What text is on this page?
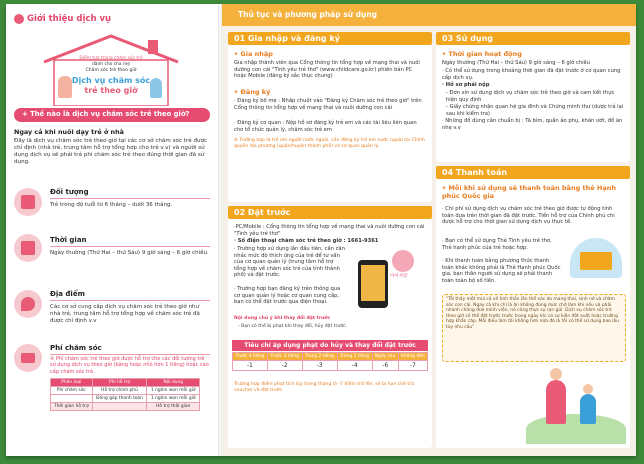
Giới thiệu dịch vụ
Điểm tựa trong chăm sóc trẻ
dành cho cha mẹ
Chăm sóc trẻ theo giờ
Dịch vụ chăm sóc
trẻ theo giờ
+ Thế nào là dịch vụ chăm sóc trẻ theo giờ?
Ngay cả khi nuôi dạy trẻ ở nhà
Đây là dịch vụ chăm sóc trẻ theo giờ tại các cơ sở chăm sóc trẻ được chỉ định (nhà trẻ, trung tâm hỗ trợ tổng hợp cho trẻ v.v) và người sử dụng dịch vụ sẽ phải trả phí chăm sóc trẻ theo đúng thời gian đã sử dụng.
Đối tượng
Trẻ trong độ tuổi từ 6 tháng – dưới 36 tháng.
Thời gian
Ngày thường (Thứ Hai – thứ Sáu) 9 giờ sáng – 6 giờ chiều.
Địa điểm
Các cơ sở cung cấp dịch vụ chăm sóc trẻ theo giờ như nhà trẻ, trung tâm hỗ trợ tổng hợp về chăm sóc trẻ đã được chỉ định v.v
Phí chăm sóc
※ Phí chăm sóc trẻ theo giờ được hỗ trợ cho các đối tượng trẻ sử dụng dịch vụ theo giờ (bằng hoặc nhỏ hơn 1 tiếng) hoặc cao cấp chăm sóc trẻ.
Phân loại	Phí hỗ trợ	Nội dung
Phí chăm sóc	Hỗ trợ chính phủ	1 nghìn won mỗi giờ
	Đóng góp thanh toán	1 nghìn won mỗi giờ
Thời gian hỗ trợ		Hỗ trợ thời gian
Thủ tục và phương pháp sử dụng
01 Gia nhập và đăng ký
• Gia nhập
Gia nhập thành viên qua Cổng thông tin tổng hợp về mạng thai và nuôi dưỡng con cái "Tình yêu trẻ thơ" (www.childcare.go.kr) phiên bản PC hoặc Mobile (đăng ký sắc thục chung)
• Đăng ký
· Đăng ký bố mẹ : Nhấp chuột vào "Đăng ký Chăm sóc trẻ theo giờ" trên Cổng thông tin tổng hợp về mạng thai và nuôi dưỡng con cái
· Đăng ký cơ quan : Nộp hồ sơ đăng ký trẻ em và các tài liệu liên quan cho tổ chức quản lý, chăm sóc trẻ em
※ Trường hợp là trẻ em người nước ngoài, cần đăng ký trẻ em nước ngoài tại Chính quyền địa phương (quận/huyện thành phố) và cơ quan quản lý.
02 Đặt trước
·PC/Mobile : Cổng thông tin tổng hợp về mạng thai và nuôi dưỡng con cái "Tình yêu trẻ thơ"
· Số điện thoại chăm sóc trẻ theo giờ : 1661-9361
· Trường hợp sử dụng lần đầu tiên, cần cân nhắc mức độ thích ứng của trẻ để tư vấn của cơ quan quản lý (trung tâm hỗ trợ tổng hợp về chăm sóc trẻ của tỉnh thành phố) và đặt trước.
· Trường hợp bạn đăng ký trên thông qua cơ quan quản lý hoặc cơ quan cung cấp, bạn có thể đặt trước qua điện thoại.
아이사랑
Nội dung chú ý khi thay đổi đặt trước
- Bạn có thể bị phạt khi thay đổi, hủy đặt trước.
Tiêu chí áp dụng phạt do hủy và thay đổi đặt trước
Trước 4 tiếng	Trước 3 tiếng	Trong 2 tiếng	Trong 1 tiếng	Ngày sau	Không đến
-1	-2	-3	-4	-6	-7
Trường hợp điểm phạt tích lũy trong tháng là -7 điểm trở lên, sẽ bị hạn chế trả voucher và đặt trước.
03 Sử dụng
• Thời gian hoạt động
Ngày thường (Thứ Hai – thứ Sáu) 9 giờ sáng – 6 giờ chiều
· Có thể sử dụng trong khoảng thời gian đã đặt trước ở cơ quan cung cấp dịch vụ.
· Hồ sơ phải nộp
- Đơn xin sử dụng dịch vụ chăm sóc trẻ theo giờ và cam kết thực hiện quy định
- Giấy chứng nhận quan hệ gia đình và Chứng minh thư (dược trả lại sau khi kiểm tra)
· Những đồ dùng cần chuẩn bị : Tã bỉm, quần áo phụ, khăn ướt, đồ ăn nhẹ v.v
04 Thanh toán
• Mỗi khi sử dụng sẽ thanh toán bằng thẻ Hạnh phúc Quốc gia
· Chi phí sử dụng dịch vụ chăm sóc trẻ theo giờ được tự động tính toán dựa trên thời gian đã đặt trước. Tiền hỗ trợ của Chính phủ chi được hỗ trợ cho thời gian sử dụng dịch vụ thực tế.
· Bạn có thể sử dụng Thẻ Tình yêu trẻ thơ, Thẻ hạnh phúc của trẻ hoặc hợp.
· Khi thanh toán bằng phương thức thanh toán khác không phải là Thẻ Hạnh phúc Quốc gia, bạn thân người sử dụng sẽ phải thanh toán toàn bộ số tiền.
"Tôi thấy một mùi cả về tinh thần lẫn thể xác do mang thai, sinh nở và chăm sóc con cái. Ngay cả khi chỉ là ăn không đúng mức chờ làm khi nếu và phải nhanh chóng đưa mình viện, nó cũng thực sự rạn gửi. Dịch vụ chăm sóc trẻ theo giờ có thể đặt trước trước trong ngày khi có sự kiện đột xuất hoặc trường hợp khẩn cấp. Mỗi điều làm tôi không hơn nữa đó là tôi có thể sử dụng bao lâu tùy nhu cầu"
